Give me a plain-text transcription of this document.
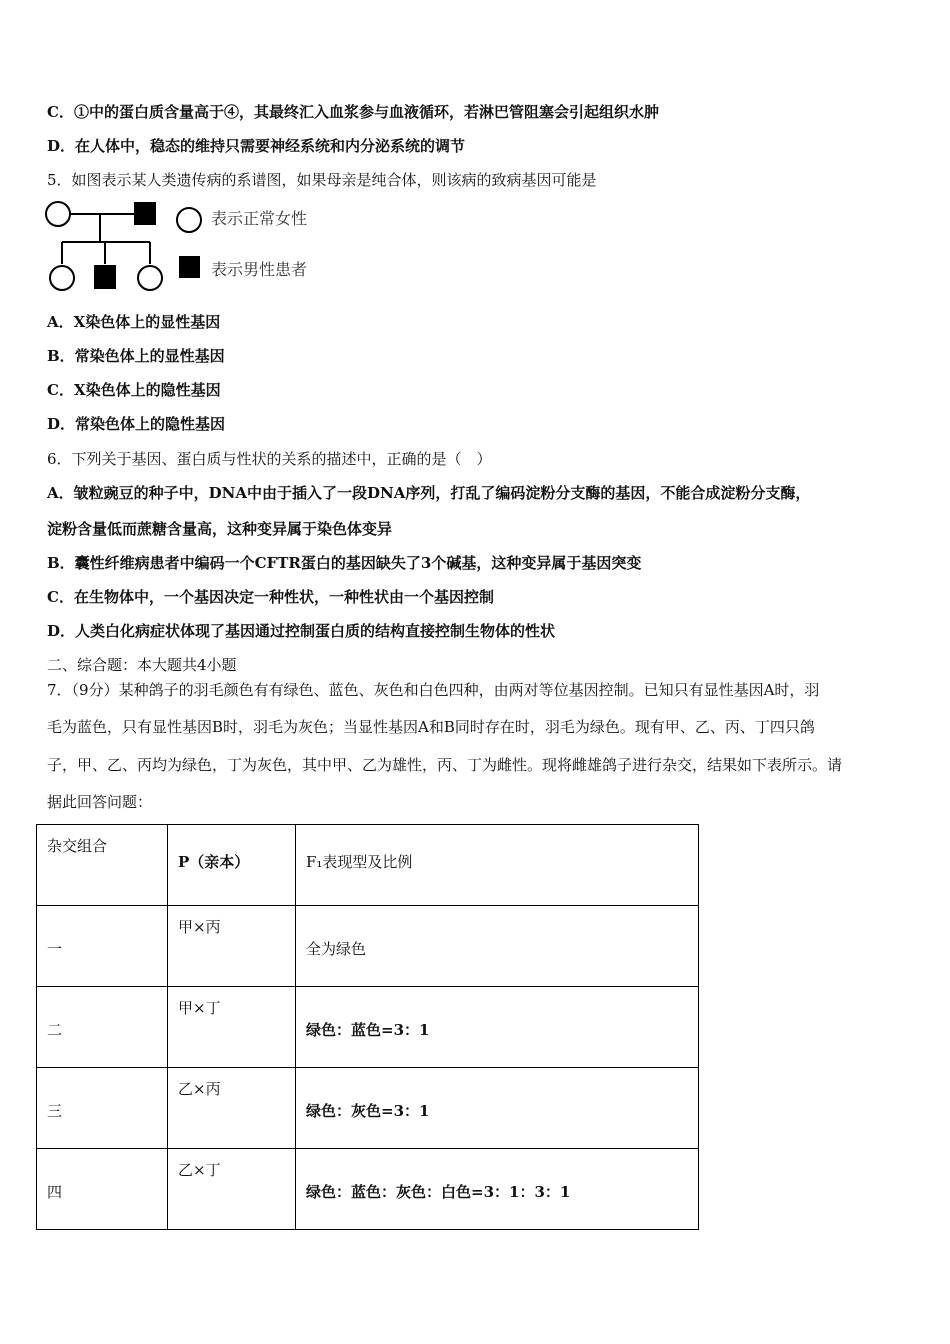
C．①中的蛋白质含量高于④，其最终汇入血浆参与血液循环，若淋巴管阻塞会引起组织水肿
D．在人体中，稳态的维持只需要神经系统和内分泌系统的调节
5．如图表示某人类遗传病的系谱图，如果母亲是纯合体，则该病的致病基因可能是
表示正常女性
表示男性患者
A．X染色体上的显性基因
B．常染色体上的显性基因
C．X染色体上的隐性基因
D．常染色体上的隐性基因
6．下列关于基因、蛋白质与性状的关系的描述中，正确的是（　）
A．皱粒豌豆的种子中，DNA中由于插入了一段DNA序列，打乱了编码淀粉分支酶的基因，不能合成淀粉分支酶，
淀粉含量低而蔗糖含量高，这种变异属于染色体变异
B．囊性纤维病患者中编码一个CFTR蛋白的基因缺失了3个碱基，这种变异属于基因突变
C．在生物体中，一个基因决定一种性状，一种性状由一个基因控制
D．人类白化病症状体现了基因通过控制蛋白质的结构直接控制生物体的性状
二、综合题：本大题共4小题
7．（9分）某种鸽子的羽毛颜色有有绿色、蓝色、灰色和白色四种，由两对等位基因控制。已知只有显性基因A时，羽
毛为蓝色，只有显性基因B时，羽毛为灰色；当显性基因A和B同时存在时，羽毛为绿色。现有甲、乙、丙、丁四只鸽
子，甲、乙、丙均为绿色，丁为灰色，其中甲、乙为雄性，丙、丁为雌性。现将雌雄鸽子进行杂交，结果如下表所示。请
据此回答问题：
杂交组合	P（亲本）	F₁表现型及比例
一	甲×丙	全为绿色
二	甲×丁	绿色：蓝色=3：1
三	乙×丙	绿色：灰色=3：1
四	乙×丁	绿色：蓝色：灰色：白色=3：1：3：1
